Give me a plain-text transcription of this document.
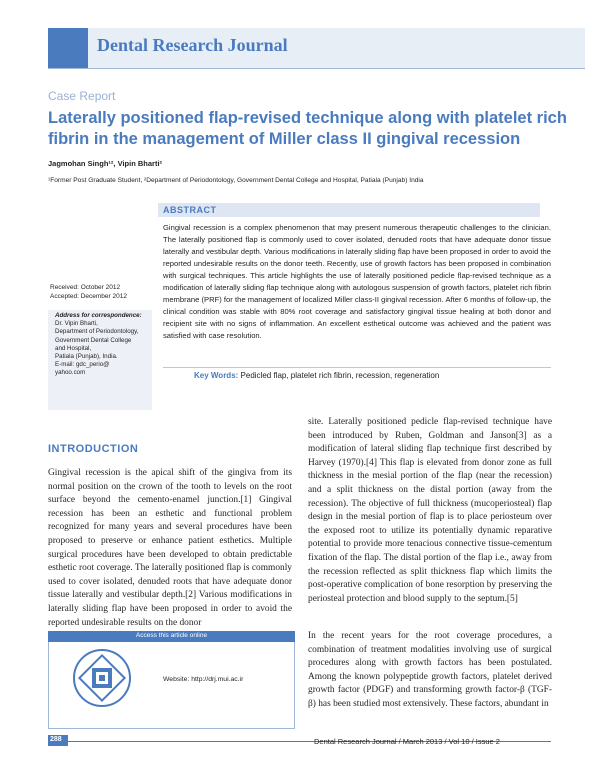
Dental Research Journal
Case Report
Laterally positioned flap-revised technique along with platelet rich fibrin in the management of Miller class II gingival recession
Jagmohan Singh¹², Vipin Bharti²
¹Former Post Graduate Student, ²Department of Periodontology, Government Dental College and Hospital, Patiala (Punjab) India
ABSTRACT
Gingival recession is a complex phenomenon that may present numerous therapeutic challenges to the clinician. The laterally positioned flap is commonly used to cover isolated, denuded roots that have adequate donor tissue laterally and vestibular depth. Various modifications in laterally sliding flap have been proposed in order to avoid the reported undesirable results on the donor teeth. Recently, use of growth factors has been proposed in combination with surgical techniques. This article highlights the use of laterally positioned pedicle flap-revised technique as a modification of laterally sliding flap technique along with autologous suspension of growth factors, platelet rich fibrin membrane (PRF) for the management of localized Miller class-II gingival recession. After 6 months of follow-up, the clinical condition was stable with 80% root coverage and satisfactory gingival tissue healing at both donor and recipient site with no signs of inflammation. An excellent esthetical outcome was achieved and the patient was satisfied with case resolution.
Key Words: Pedicled flap, platelet rich fibrin, recession, regeneration
Received: October 2012
Accepted: December 2012
Address for correspondence:
Dr. Vipin Bharti,
Department of Periodontology,
Government Dental College
and Hospital,
Patiala (Punjab), India.
E-mail: gdc_perio@
yahoo.com
INTRODUCTION
Gingival recession is the apical shift of the gingiva from its normal position on the crown of the tooth to levels on the root surface beyond the cemento-enamel junction.[1] Gingival recession has been an esthetic and functional problem recognized for many years and several procedures have been proposed to preserve or enhance patient esthetics. Multiple surgical procedures have been developed to obtain predictable esthetic root coverage. The laterally positioned flap is commonly used to cover isolated, denuded roots that have adequate donor tissue laterally and vestibular depth.[2] Various modifications in laterally sliding flap have been proposed in order to avoid the reported undesirable results on the donor
site. Laterally positioned pedicle flap-revised technique have been introduced by Ruben, Goldman and Janson[3] as a modification of lateral sliding flap technique first described by Harvey (1970).[4] This flap is elevated from donor zone as full thickness in the mesial portion of the flap (near the recession) and a split thickness on the distal portion (away from the recession). The objective of full thickness (mucoperiosteal) flap design in the mesial portion of flap is to place periosteum over the exposed root to utilize its potentially dynamic reparative potential to provide more tenacious connective tissue-cementum fixation of the flap. The distal portion of the flap i.e., away from the recession reflected as split thickness flap which limits the post-operative complication of bone resorption by preserving the periosteal protection and blood supply to the septum.[5]
In the recent years for the root coverage procedures, a combination of treatment modalities involving use of surgical procedures along with growth factors has been postulated. Among the known polypeptide growth factors, platelet derived growth factor (PDGF) and transforming growth factor-β (TGF-β) has been studied most extensively. These factors, abundant in
Access this article online
Website: http://drj.mui.ac.ir
288	Dental Research Journal / March 2013 / Vol 10 / Issue 2
